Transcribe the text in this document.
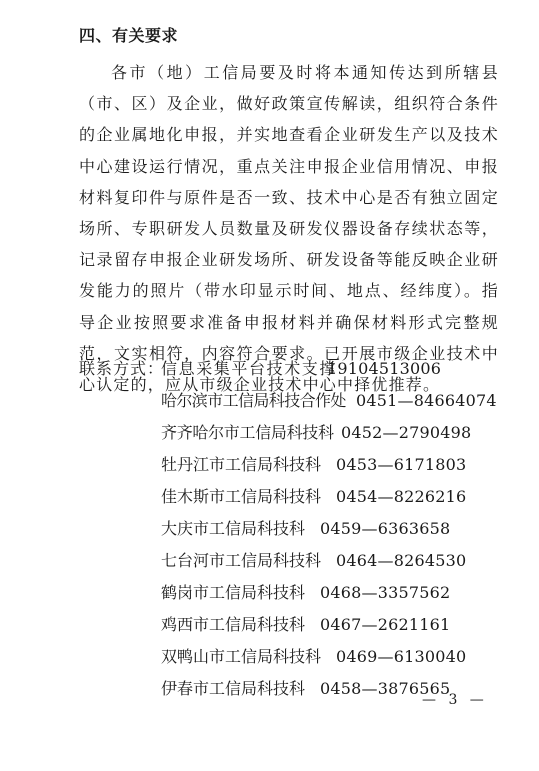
四、有关要求
各市（地）工信局要及时将本通知传达到所辖县（市、区）及企业，做好政策宣传解读，组织符合条件的企业属地化申报，并实地查看企业研发生产以及技术中心建设运行情况，重点关注申报企业信用情况、申报材料复印件与原件是否一致、技术中心是否有独立固定场所、专职研发人员数量及研发仪器设备存续状态等，记录留存申报企业研发场所、研发设备等能反映企业研发能力的照片（带水印显示时间、地点、经纬度）。指导企业按照要求准备申报材料并确保材料形式完整规范，文实相符，内容符合要求。已开展市级企业技术中心认定的，应从市级企业技术中心中择优推荐。
联系方式：
信息采集平台技术支撑
19104513006
哈尔滨市工信局科技合作处 0451—84664074
齐齐哈尔市工信局科技科 0452—2790498
牡丹江市工信局科技科 0453—6171803
佳木斯市工信局科技科 0454—8226216
大庆市工信局科技科 0459—6363658
七台河市工信局科技科 0464—8264530
鹤岗市工信局科技科 0468—3357562
鸡西市工信局科技科 0467—2621161
双鸭山市工信局科技科 0469—6130040
伊春市工信局科技科 0458—3876565
— 3 —
